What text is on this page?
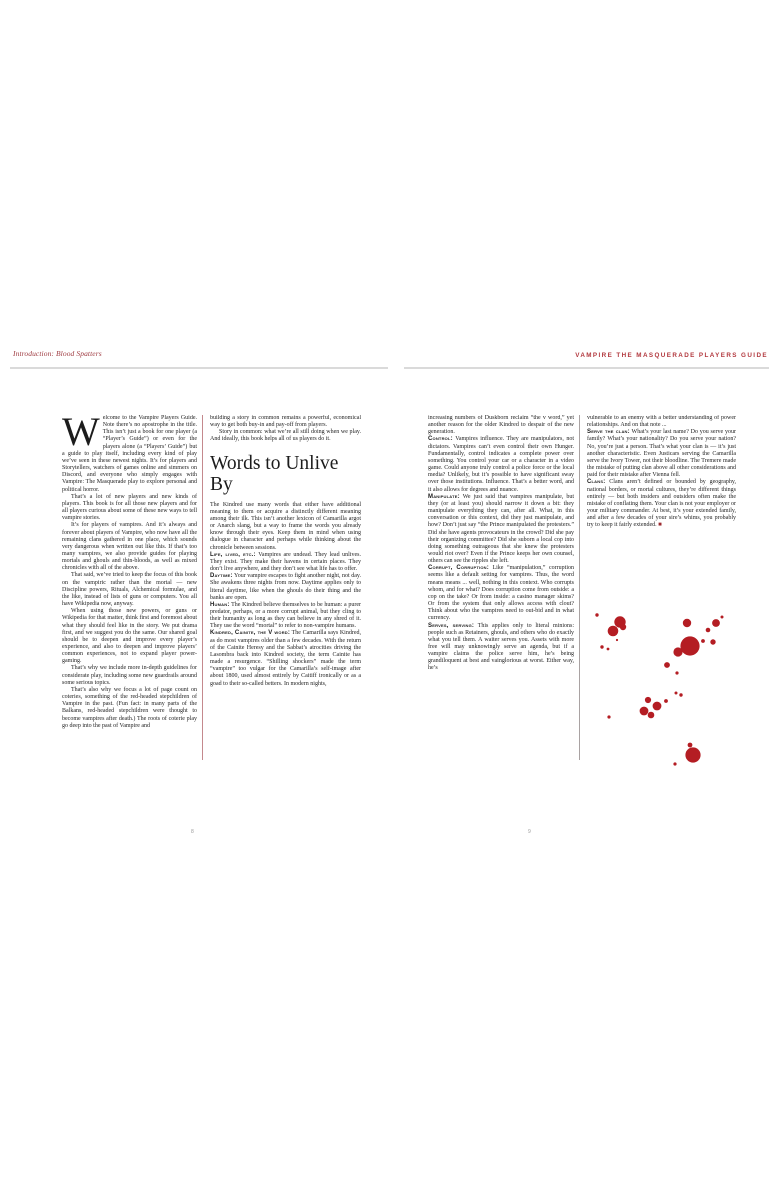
Introduction: Blood Spatters	VAMPIRE THE MASQUERADE PLAYERS GUIDE

Welcome to the Vampire Players Guide. Note there’s no apostrophe in the title. This isn’t just a book for one player (a “Player’s Guide”) or even for the players alone (a “Players’ Guide”) but a guide to play itself, including every kind of play we’ve seen in these newest nights. It’s for players and Storytellers, watchers of games online and simmers on Discord, and everyone who simply engages with Vampire: The Masquerade play to explore personal and political horror.

That’s a lot of new players and new kinds of players. This book is for all those new players and for all players curious about some of these new ways to tell vampire stories.

It’s for players of vampires. And it’s always and forever about players of Vampire, who now have all the remaining clans gathered in one place, which sounds very dangerous when written out like this. If that’s too many vampires, we also provide guides for playing mortals and ghouls and thin-bloods, as well as mixed chronicles with all of the above.

That said, we’ve tried to keep the focus of this book on the vampiric rather than the mortal — new Discipline powers, Rituals, Alchemical formulae, and the like, instead of lists of guns or computers. You all have Wikipedia now, anyway.

When using those new powers, or guns or Wikipedia for that matter, think first and foremost about what they should feel like in the story. We put drama first, and we suggest you do the same. Our shared goal should be to deepen and improve every player’s experience, and also to deepen and improve players’ common experiences, not to expand player power-gaming.

That’s why we include more in-depth guidelines for considerate play, including some new guardrails around some serious topics.

That’s also why we focus a lot of page count on coteries, something of the red-headed stepchildren of Vampire in the past. (Fun fact: in many parts of the Balkans, red-headed stepchildren were thought to become vampires after death.) The roots of coterie play go deep into the past of Vampire and

building a story in common remains a powerful, economical way to get both buy-in and pay-off from players.

Story in common: what we’re all still doing when we play. And ideally, this book helps all of us players do it.

Words to Unlive By

The Kindred use many words that either have additional meaning to them or acquire a distinctly different meaning among their ilk. This isn’t another lexicon of Camarilla argot or Anarch slang, but a way to frame the words you already know through their eyes. Keep them in mind when using dialogue in character and perhaps while thinking about the chronicle between sessions.

Life, lived, etc.: Vampires are undead. They lead unlives. They exist. They make their havens in certain places. They don’t live anywhere, and they don’t see what life has to offer.

Daytime: Your vampire escapes to fight another night, not day. She awakens three nights from now. Daytime applies only to literal daytime, like when the ghouls do their thing and the banks are open.

Human: The Kindred believe themselves to be human: a purer predator, perhaps, or a more corrupt animal, but they cling to their humanity as long as they can believe in any shred of it. They use the word “mortal” to refer to non-vampire humans.

Kindred, Cainite, the V word: The Camarilla says Kindred, as do most vampires older than a few decades. With the return of the Cainite Heresy and the Sabbat’s atrocities driving the Lasombra back into Kindred society, the term Cainite has made a resurgence. “Shilling shockers” made the term “vampire” too vulgar for the Camarilla’s self-image after about 1800, used almost entirely by Caitiff ironically or as a goad to their so-called betters. In modern nights,

increasing numbers of Duskborn reclaim “the v word,” yet another reason for the older Kindred to despair of the new generation.

Control: Vampires influence. They are manipulators, not dictators. Vampires can’t even control their own Hunger. Fundamentally, control indicates a complete power over something. You control your car or a character in a video game. Could anyone truly control a police force or the local media? Unlikely, but it’s possible to have significant sway over those institutions. Influence. That’s a better word, and it also allows for degrees and nuance.

Manipulate: We just said that vampires manipulate, but they (or at least you) should narrow it down a bit: they manipulate everything they can, after all. What, in this conversation or this context, did they just manipulate, and how? Don’t just say “the Prince manipulated the protesters.” Did she have agents provocateurs in the crowd? Did she pay their organizing committee? Did she suborn a local cop into doing something outrageous that she knew the protesters would riot over? Even if the Prince keeps her own counsel, others can see the ripples she left.

Corrupt, Corruption: Like “manipulation,” corruption seems like a default setting for vampires. Thus, the word means means ... well, nothing in this context. Who corrupts whom, and for what? Does corruption come from outside: a cop on the take? Or from inside: a casino manager skims? Or from the system that only allows access with clout? Think about who the vampires need to out-bid and in what currency.

Serves, serving: This applies only to literal minions: people such as Retainers, ghouls, and others who do exactly what you tell them. A waiter serves you. Assets with more free will may unknowingly serve an agenda, but if a vampire claims the police serve him, he’s being grandiloquent at best and vainglorious at worst. Either way, he’s

vulnerable to an enemy with a better understanding of power relationships. And on that note ...

Serve the clan: What’s your last name? Do you serve your family? What’s your nationality? Do you serve your nation? No, you’re just a person. That’s what your clan is — it’s just another characteristic. Even Justicars serving the Camarilla serve the Ivory Tower, not their bloodline. The Tremere made the mistake of putting clan above all other considerations and paid for their mistake after Vienna fell.

Clans: Clans aren’t defined or bounded by geography, national borders, or mortal cultures, they’re different things entirely — but both insiders and outsiders often make the mistake of conflating them. Your clan is not your employer or your military commander. At best, it’s your extended family, and after a few decades of your sire’s whims, you probably try to keep it fairly extended. ■

8	9
